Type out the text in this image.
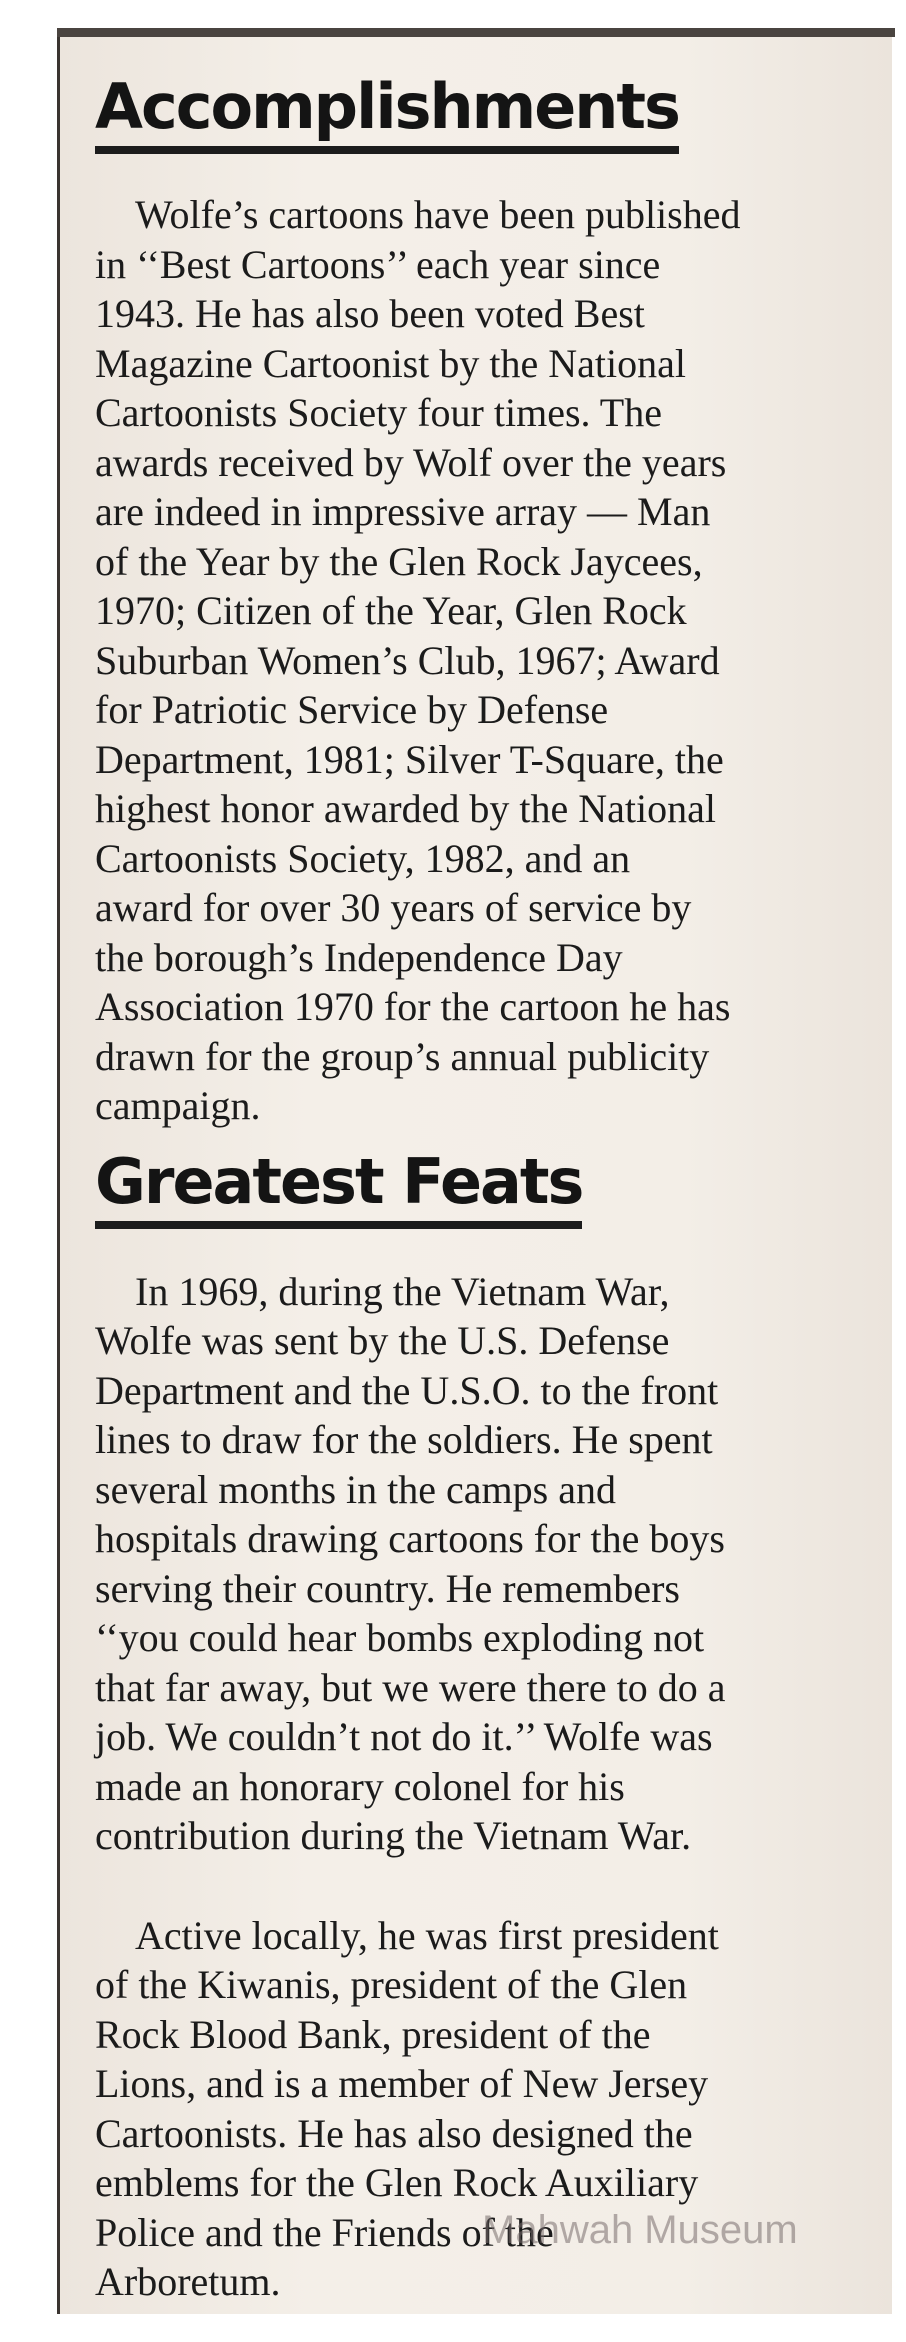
Accomplishments
Wolfe’s cartoons have been published
in ‘‘Best Cartoons’’ each year since
1943. He has also been voted Best
Magazine Cartoonist by the National
Cartoonists Society four times. The
awards received by Wolf over the years
are indeed in impressive array — Man
of the Year by the Glen Rock Jaycees,
1970; Citizen of the Year, Glen Rock
Suburban Women’s Club, 1967; Award
for Patriotic Service by Defense
Department, 1981; Silver T-Square, the
highest honor awarded by the National
Cartoonists Society, 1982, and an
award for over 30 years of service by
the borough’s Independence Day
Association 1970 for the cartoon he has
drawn for the group’s annual publicity
campaign.
Greatest Feats
In 1969, during the Vietnam War,
Wolfe was sent by the U.S. Defense
Department and the U.S.O. to the front
lines to draw for the soldiers. He spent
several months in the camps and
hospitals drawing cartoons for the boys
serving their country. He remembers
‘‘you could hear bombs exploding not
that far away, but we were there to do a
job. We couldn’t not do it.’’ Wolfe was
made an honorary colonel for his
contribution during the Vietnam War.
Active locally, he was first president
of the Kiwanis, president of the Glen
Rock Blood Bank, president of the
Lions, and is a member of New Jersey
Cartoonists. He has also designed the
emblems for the Glen Rock Auxiliary
Police and the Friends of the
Arboretum.
Mahwah Museum
